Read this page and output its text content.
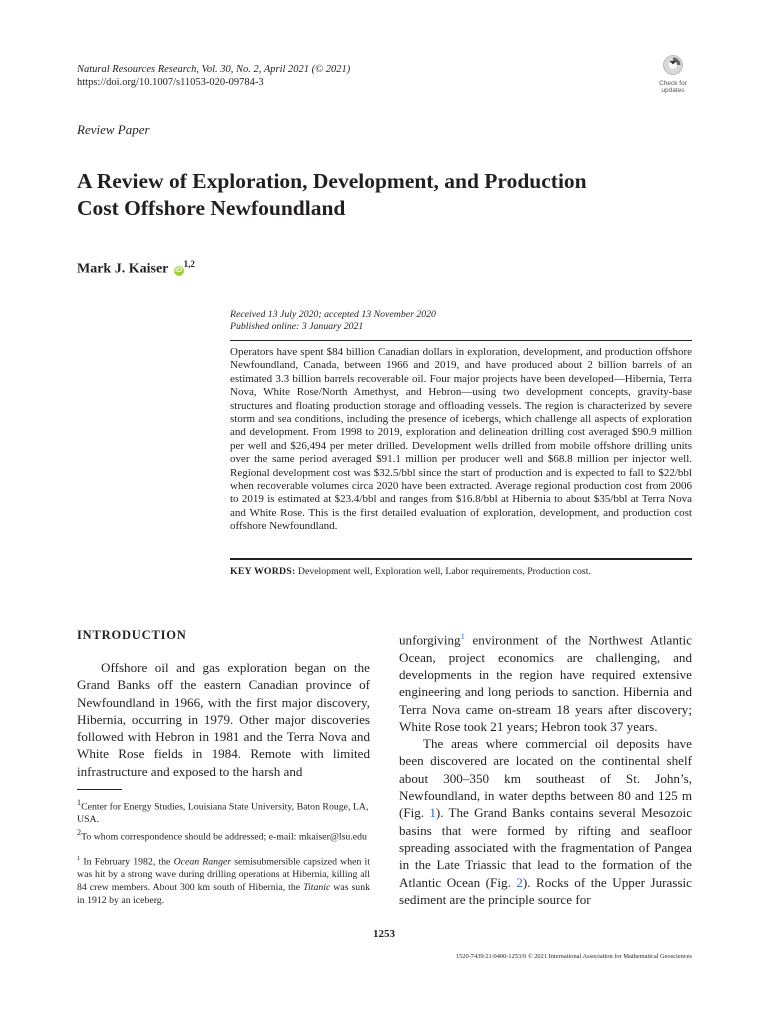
Natural Resources Research, Vol. 30, No. 2, April 2021 (© 2021)
https://doi.org/10.1007/s11053-020-09784-3	Check for
updates
Review Paper
A Review of Exploration, Development, and Production
Cost Offshore Newfoundland
Mark J. Kaiser iD$^{1,2}$
Received 13 July 2020; accepted 13 November 2020
Published online: 3 January 2021
Operators have spent $84 billion Canadian dollars in exploration, development, and production offshore Newfoundland, Canada, between 1966 and 2019, and have produced about 2 billion barrels of an estimated 3.3 billion barrels recoverable oil. Four major projects have been developed—Hibernia, Terra Nova, White Rose/North Amethyst, and Hebron—using two development concepts, gravity-base structures and floating production storage and offloading vessels. The region is characterized by severe storm and sea conditions, including the presence of icebergs, which challenge all aspects of exploration and development. From 1998 to 2019, exploration and delineation drilling cost averaged $90.9 million per well and $26,494 per meter drilled. Development wells drilled from mobile offshore drilling units over the same period averaged $91.1 million per producer well and $68.8 million per injector well. Regional development cost was $32.5/bbl since the start of production and is expected to fall to $22/bbl when recoverable volumes circa 2020 have been extracted. Average regional production cost from 2006 to 2019 is estimated at $23.4/bbl and ranges from $16.8/bbl at Hibernia to about $35/bbl at Terra Nova and White Rose. This is the first detailed evaluation of exploration, development, and production cost offshore Newfoundland.
KEY WORDS: Development well, Exploration well, Labor requirements, Production cost.
INTRODUCTION

Offshore oil and gas exploration began on the Grand Banks off the eastern Canadian province of Newfoundland in 1966, with the first major discovery, Hibernia, occurring in 1979. Other major discoveries followed with Hebron in 1981 and the Terra Nova and White Rose fields in 1984. Remote with limited infrastructure and exposed to the harsh and

$^1$Center for Energy Studies, Louisiana State University, Baton Rouge, LA, USA.

$^2$To whom correspondence should be addressed; e-mail: mkaiser@lsu.edu

$^1$ In February 1982, the Ocean Ranger semisubmersible capsized when it was hit by a strong wave during drilling operations at Hibernia, killing all 84 crew members. About 300 km south of Hibernia, the Titanic was sunk in 1912 by an iceberg.

unforgiving$^1$ environment of the Northwest Atlantic Ocean, project economics are challenging, and developments in the region have required extensive engineering and long periods to sanction. Hibernia and Terra Nova came on-stream 18 years after discovery; White Rose took 21 years; Hebron took 37 years.

The areas where commercial oil deposits have been discovered are located on the continental shelf about 300–350 km southeast of St. John’s, Newfoundland, in water depths between 80 and 125 m (Fig. 1). The Grand Banks contains several Mesozoic basins that were formed by rifting and seafloor spreading associated with the fragmentation of Pangea in the Late Triassic that lead to the formation of the Atlantic Ocean (Fig. 2). Rocks of the Upper Jurassic sediment are the principle source for

1253
1520-7439/21/0400-1253/0 © 2021 International Association for Mathematical Geosciences
